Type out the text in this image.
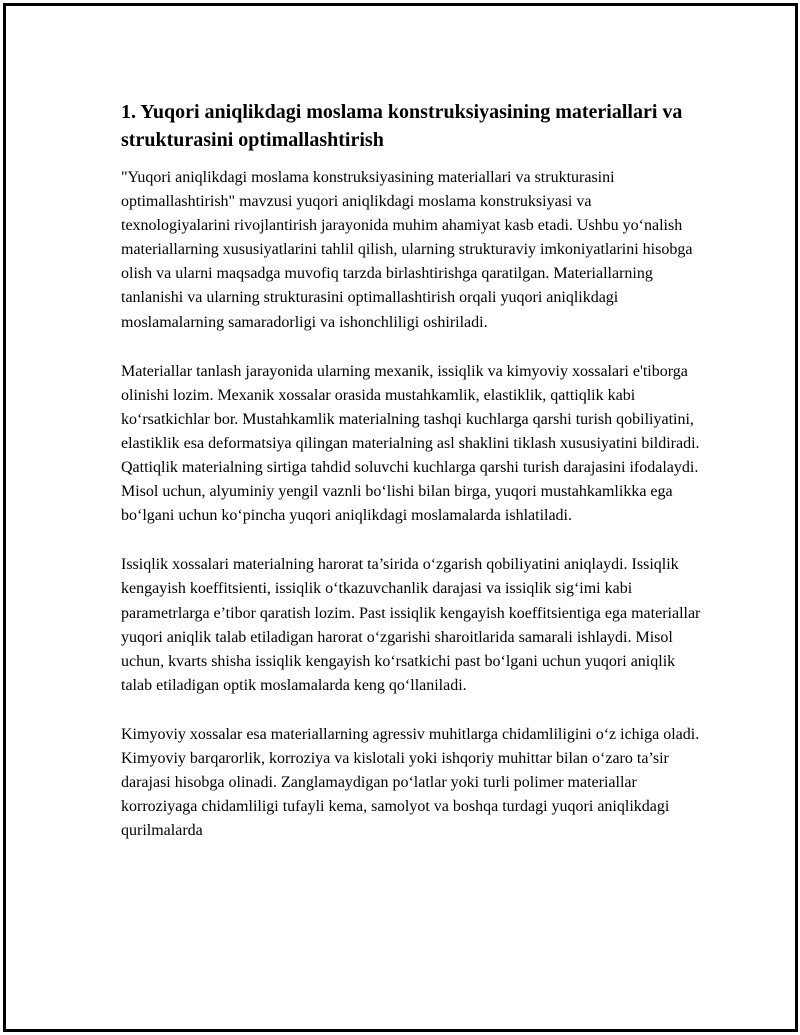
1. Yuqori aniqlikdagi moslama konstruksiyasining materiallari va strukturasini optimallashtirish

"Yuqori aniqlikdagi moslama konstruksiyasining materiallari va strukturasini optimallashtirish" mavzusi yuqori aniqlikdagi moslama konstruksiyasi va texnologiyalarini rivojlantirish jarayonida muhim ahamiyat kasb etadi. Ushbu yo‘nalish materiallarning xususiyatlarini tahlil qilish, ularning strukturaviy imkoniyatlarini hisobga olish va ularni maqsadga muvofiq tarzda birlashtirishga qaratilgan. Materiallarning tanlanishi va ularning strukturasini optimallashtirish orqali yuqori aniqlikdagi moslamalarning samaradorligi va ishonchliligi oshiriladi.

Materiallar tanlash jarayonida ularning mexanik, issiqlik va kimyoviy xossalari e'tiborga olinishi lozim. Mexanik xossalar orasida mustahkamlik, elastiklik, qattiqlik kabi ko‘rsatkichlar bor. Mustahkamlik materialning tashqi kuchlarga qarshi turish qobiliyatini, elastiklik esa deformatsiya qilingan materialning asl shaklini tiklash xususiyatini bildiradi. Qattiqlik materialning sirtiga tahdid soluvchi kuchlarga qarshi turish darajasini ifodalaydi. Misol uchun, alyuminiy yengil vaznli bo‘lishi bilan birga, yuqori mustahkamlikka ega bo‘lgani uchun ko‘pincha yuqori aniqlikdagi moslamalarda ishlatiladi.

Issiqlik xossalari materialning harorat ta’sirida o‘zgarish qobiliyatini aniqlaydi. Issiqlik kengayish koeffitsienti, issiqlik o‘tkazuvchanlik darajasi va issiqlik sig‘imi kabi parametrlarga e’tibor qaratish lozim. Past issiqlik kengayish koeffitsientiga ega materiallar yuqori aniqlik talab etiladigan harorat o‘zgarishi sharoitlarida samarali ishlaydi. Misol uchun, kvarts shisha issiqlik kengayish ko‘rsatkichi past bo‘lgani uchun yuqori aniqlik talab etiladigan optik moslamalarda keng qo‘llaniladi.

Kimyoviy xossalar esa materiallarning agressiv muhitlarga chidamliligini o‘z ichiga oladi. Kimyoviy barqarorlik, korroziya va kislotali yoki ishqoriy muhittar bilan o‘zaro ta’sir darajasi hisobga olinadi. Zanglamaydigan po‘latlar yoki turli polimer materiallar korroziyaga chidamliligi tufayli kema, samolyot va boshqa turdagi yuqori aniqlikdagi qurilmalarda
